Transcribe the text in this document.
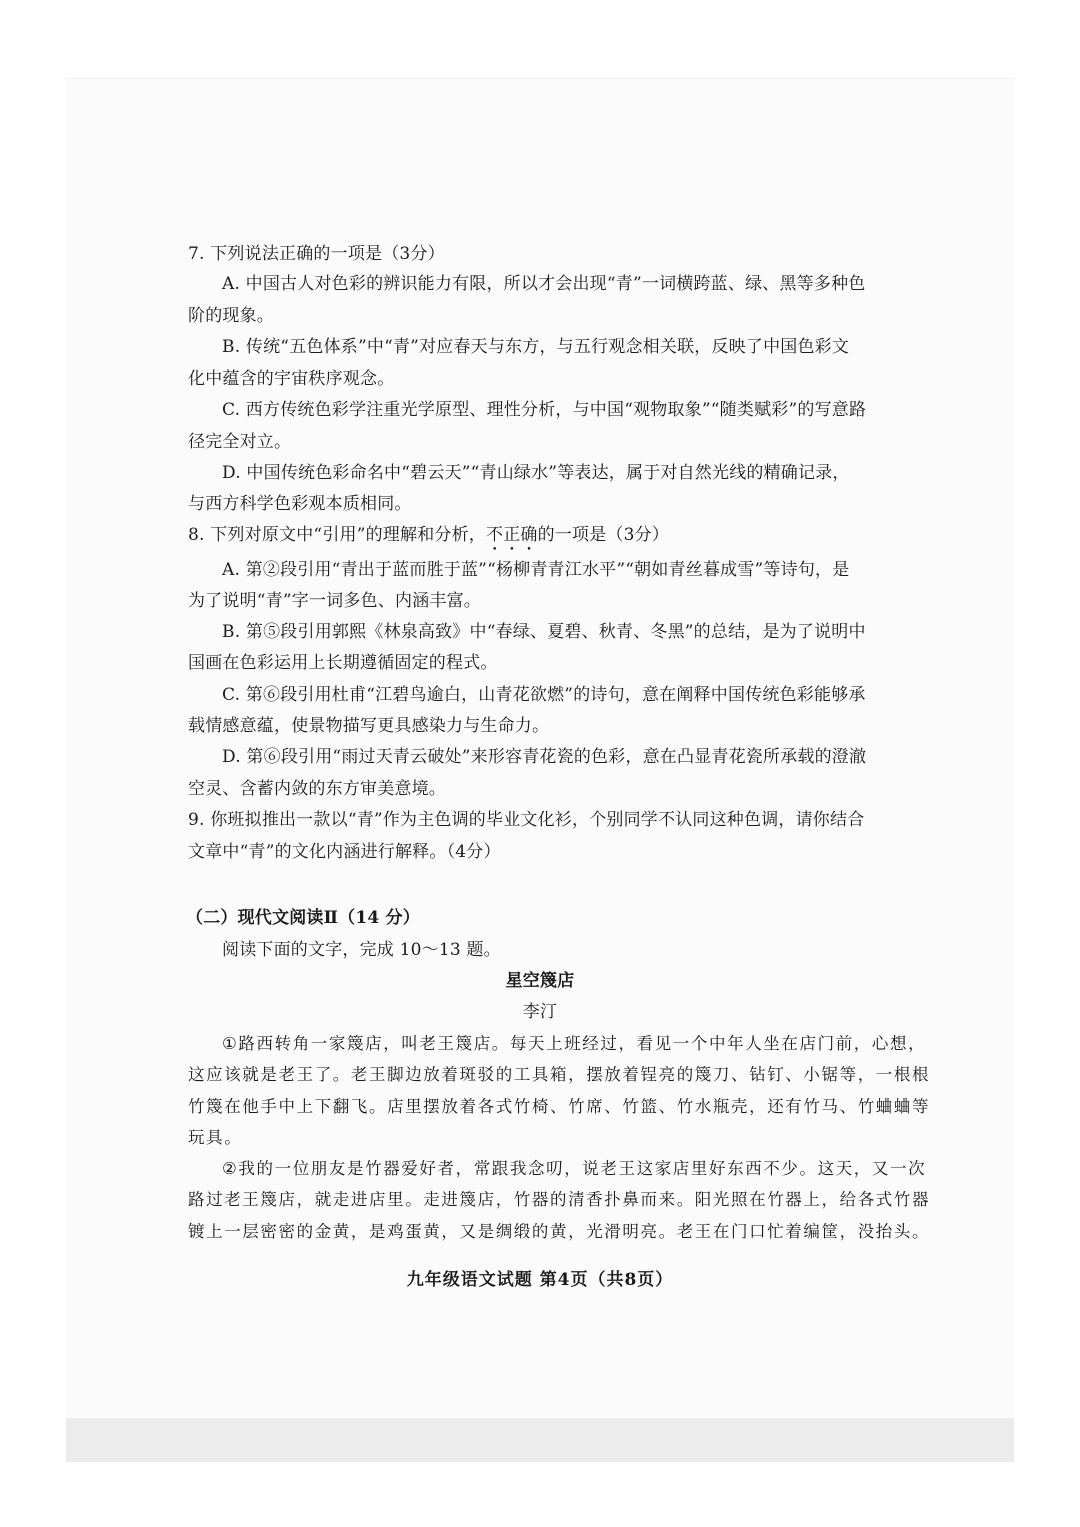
7. 下列说法正确的一项是（3分）
A. 中国古人对色彩的辨识能力有限，所以才会出现“青”一词横跨蓝、绿、黑等多种色
阶的现象。
B. 传统“五色体系”中“青”对应春天与东方，与五行观念相关联，反映了中国色彩文
化中蕴含的宇宙秩序观念。
C. 西方传统色彩学注重光学原型、理性分析，与中国“观物取象”“随类赋彩”的写意路
径完全对立。
D. 中国传统色彩命名中“碧云天”“青山绿水”等表达，属于对自然光线的精确记录，
与西方科学色彩观本质相同。
8. 下列对原文中“引用”的理解和分析，不正确的一项是（3分）
A. 第②段引用“青出于蓝而胜于蓝”“杨柳青青江水平”“朝如青丝暮成雪”等诗句，是
为了说明“青”字一词多色、内涵丰富。
B. 第⑤段引用郭熙《林泉高致》中“春绿、夏碧、秋青、冬黑”的总结，是为了说明中
国画在色彩运用上长期遵循固定的程式。
C. 第⑥段引用杜甫“江碧鸟逾白，山青花欲燃”的诗句，意在阐释中国传统色彩能够承
载情感意蕴，使景物描写更具感染力与生命力。
D. 第⑥段引用“雨过天青云破处”来形容青花瓷的色彩，意在凸显青花瓷所承载的澄澈
空灵、含蓄内敛的东方审美意境。
9. 你班拟推出一款以“青”作为主色调的毕业文化衫，个别同学不认同这种色调，请你结合
文章中“青”的文化内涵进行解释。（4分）
（二）现代文阅读Ⅱ（14 分）
阅读下面的文字，完成 10～13 题。
星空篾店
李汀
①路西转角一家篾店，叫老王篾店。每天上班经过，看见一个中年人坐在店门前，心想，
这应该就是老王了。老王脚边放着斑驳的工具箱，摆放着锃亮的篾刀、钻钉、小锯等，一根根
竹篾在他手中上下翻飞。店里摆放着各式竹椅、竹席、竹篮、竹水瓶壳，还有竹马、竹蛐蛐等
玩具。
②我的一位朋友是竹器爱好者，常跟我念叨，说老王这家店里好东西不少。这天，又一次
路过老王篾店，就走进店里。走进篾店，竹器的清香扑鼻而来。阳光照在竹器上，给各式竹器
镀上一层密密的金黄，是鸡蛋黄，又是绸缎的黄，光滑明亮。老王在门口忙着编筐，没抬头。
九年级语文试题 第4页（共8页）
